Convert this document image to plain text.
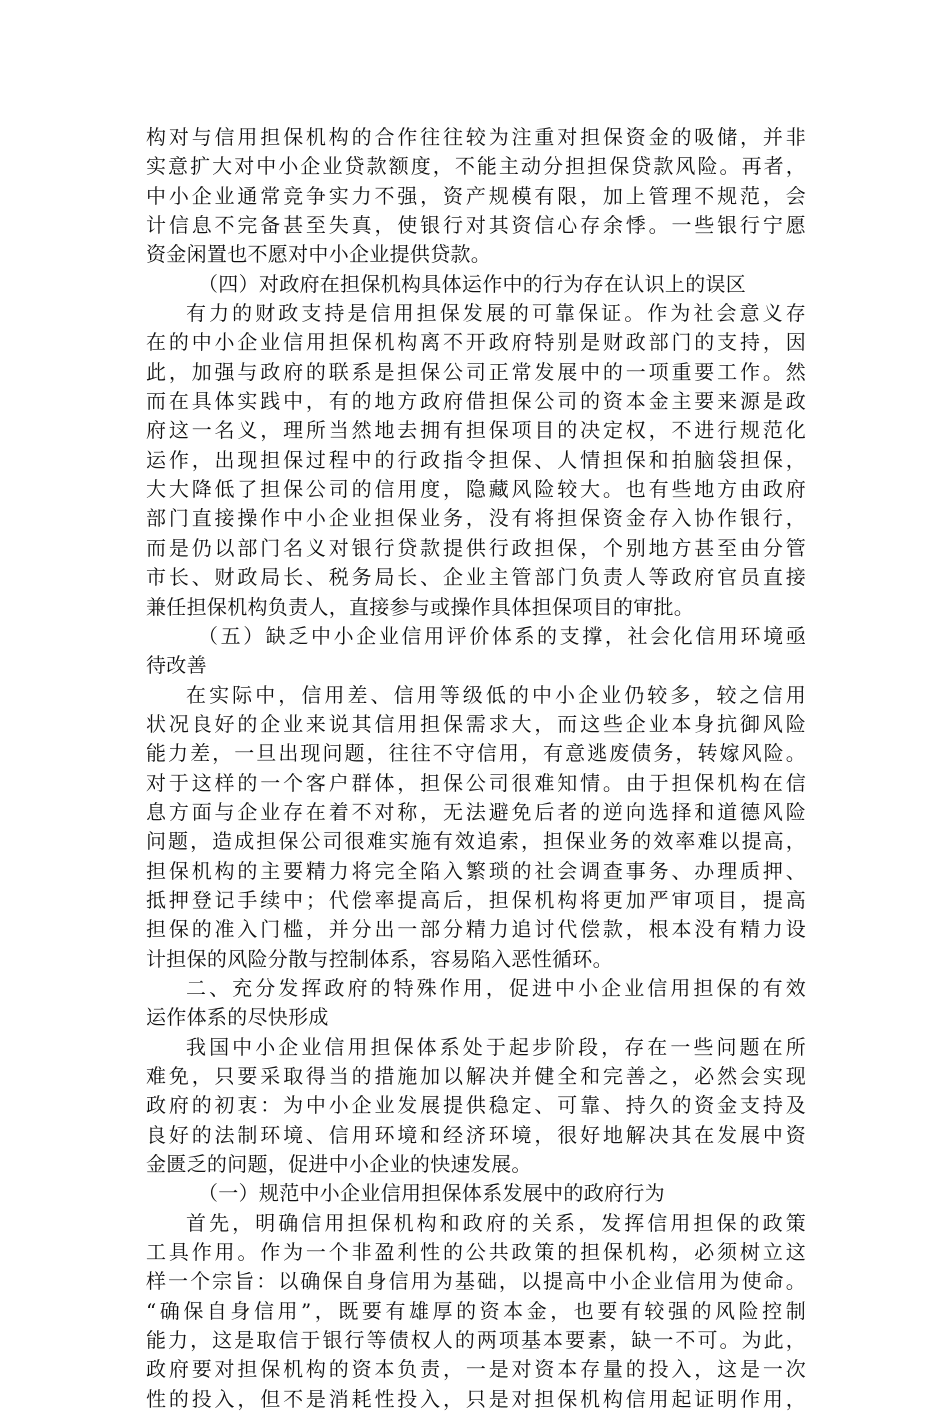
构对与信用担保机构的合作往往较为注重对担保资金的吸储，并非
实意扩大对中小企业贷款额度，不能主动分担担保贷款风险。再者，
中小企业通常竞争实力不强，资产规模有限，加上管理不规范，会
计信息不完备甚至失真，使银行对其资信心存余悸。一些银行宁愿
资金闲置也不愿对中小企业提供贷款。
（四）对政府在担保机构具体运作中的行为存在认识上的误区
有力的财政支持是信用担保发展的可靠保证。作为社会意义存
在的中小企业信用担保机构离不开政府特别是财政部门的支持，因
此，加强与政府的联系是担保公司正常发展中的一项重要工作。然
而在具体实践中，有的地方政府借担保公司的资本金主要来源是政
府这一名义，理所当然地去拥有担保项目的决定权，不进行规范化
运作，出现担保过程中的行政指令担保、人情担保和拍脑袋担保，
大大降低了担保公司的信用度，隐藏风险较大。也有些地方由政府
部门直接操作中小企业担保业务，没有将担保资金存入协作银行，
而是仍以部门名义对银行贷款提供行政担保，个别地方甚至由分管
市长、财政局长、税务局长、企业主管部门负责人等政府官员直接
兼任担保机构负责人，直接参与或操作具体担保项目的审批。
（五）缺乏中小企业信用评价体系的支撑，社会化信用环境亟
待改善
在实际中，信用差、信用等级低的中小企业仍较多，较之信用
状况良好的企业来说其信用担保需求大，而这些企业本身抗御风险
能力差，一旦出现问题，往往不守信用，有意逃废债务，转嫁风险。
对于这样的一个客户群体，担保公司很难知情。由于担保机构在信
息方面与企业存在着不对称，无法避免后者的逆向选择和道德风险
问题，造成担保公司很难实施有效追索，担保业务的效率难以提高，
担保机构的主要精力将完全陷入繁琐的社会调查事务、办理质押、
抵押登记手续中；代偿率提高后，担保机构将更加严审项目，提高
担保的准入门槛，并分出一部分精力追讨代偿款，根本没有精力设
计担保的风险分散与控制体系，容易陷入恶性循环。
二、充分发挥政府的特殊作用，促进中小企业信用担保的有效
运作体系的尽快形成
我国中小企业信用担保体系处于起步阶段，存在一些问题在所
难免，只要采取得当的措施加以解决并健全和完善之，必然会实现
政府的初衷：为中小企业发展提供稳定、可靠、持久的资金支持及
良好的法制环境、信用环境和经济环境，很好地解决其在发展中资
金匮乏的问题，促进中小企业的快速发展。
（一）规范中小企业信用担保体系发展中的政府行为
首先，明确信用担保机构和政府的关系，发挥信用担保的政策
工具作用。作为一个非盈利性的公共政策的担保机构，必须树立这
样一个宗旨：以确保自身信用为基础，以提高中小企业信用为使命。
“确保自身信用”，既要有雄厚的资本金，也要有较强的风险控制
能力，这是取信于银行等债权人的两项基本要素，缺一不可。为此，
政府要对担保机构的资本负责，一是对资本存量的投入，这是一次
性的投入，但不是消耗性投入，只是对担保机构信用起证明作用，
